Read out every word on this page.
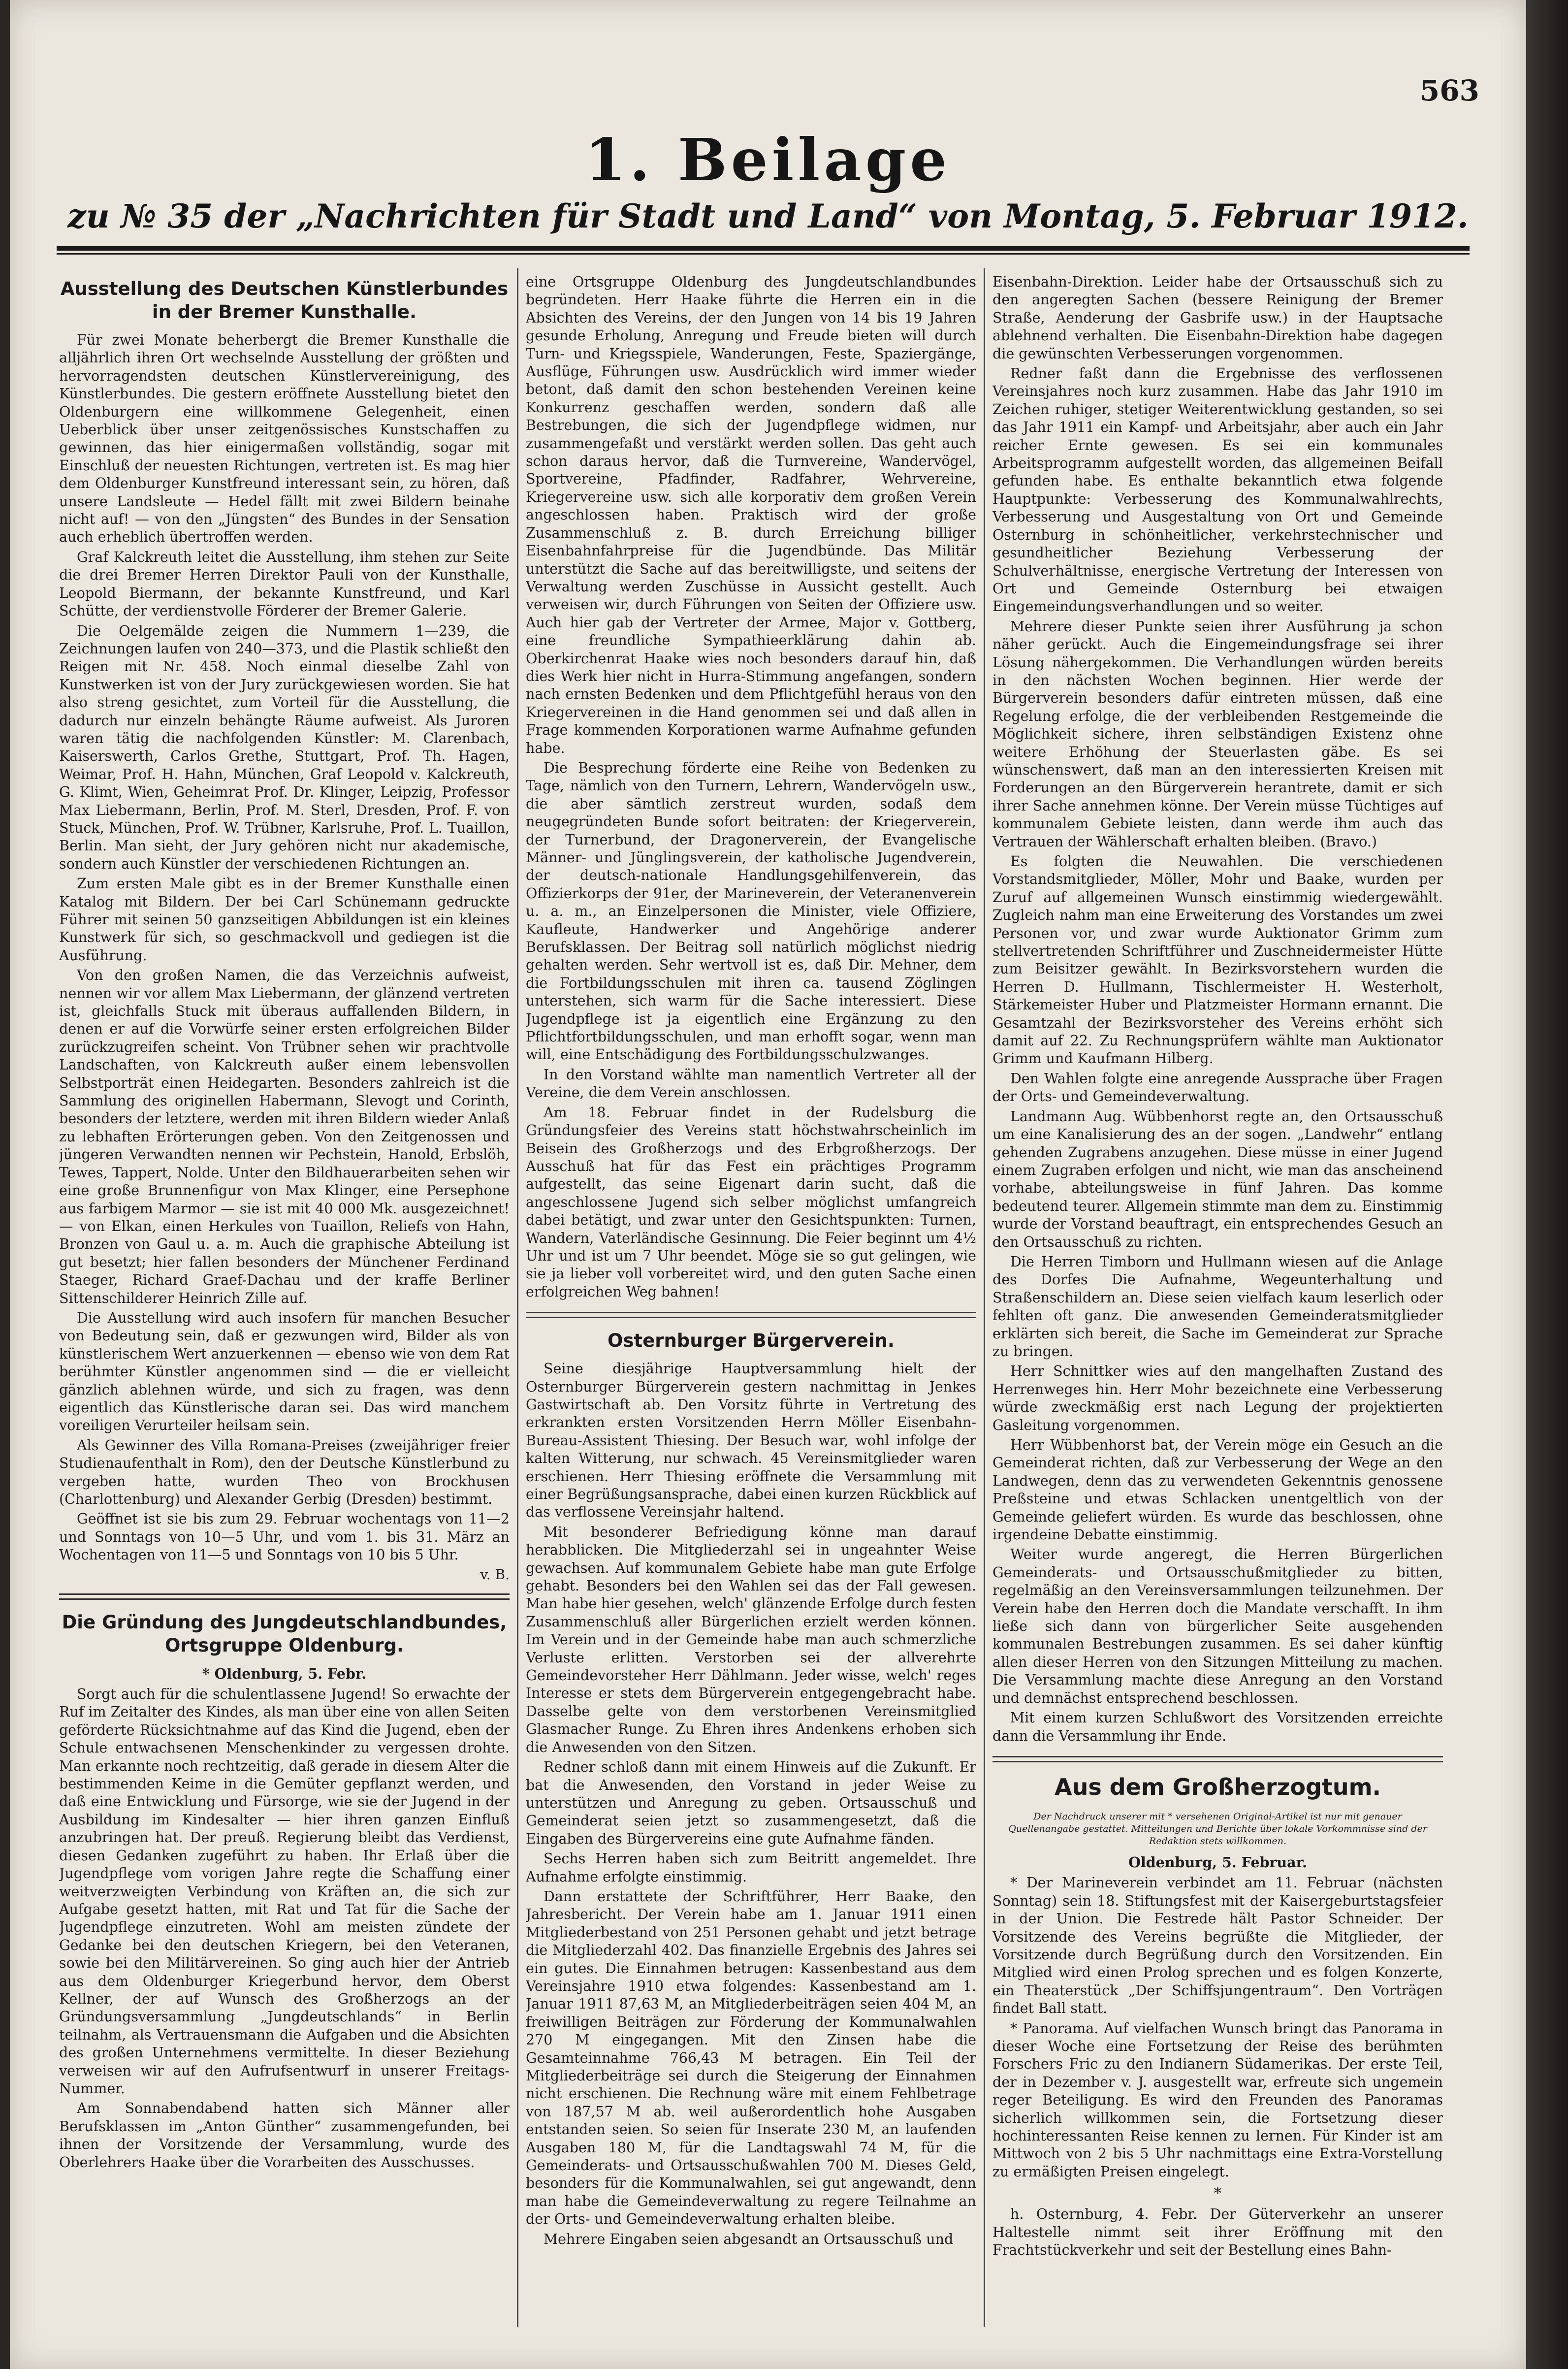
563
1. Beilage
zu № 35 der „Nachrichten für Stadt und Land“ von Montag, 5. Februar 1912.
Ausstellung des Deutschen Künstlerbundes in der Bremer Kunsthalle.

Für zwei Monate beherbergt die Bremer Kunsthalle die alljährlich ihren Ort wechselnde Ausstellung der größten und hervorragendsten deutschen Künstlervereinigung, des Künstlerbundes. Die gestern eröffnete Ausstellung bietet den Oldenburgern eine willkommene Gelegenheit, einen Ueberblick über unser zeitgenössisches Kunstschaffen zu gewinnen, das hier einigermaßen vollständig, sogar mit Einschluß der neuesten Richtungen, vertreten ist. Es mag hier dem Oldenburger Kunstfreund interessant sein, zu hören, daß unsere Landsleute — Hedel fällt mit zwei Bildern beinahe nicht auf! — von den „Jüngsten“ des Bundes in der Sensation auch erheblich übertroffen werden.

Graf Kalckreuth leitet die Ausstellung, ihm stehen zur Seite die drei Bremer Herren Direktor Pauli von der Kunsthalle, Leopold Biermann, der bekannte Kunstfreund, und Karl Schütte, der verdienstvolle Förderer der Bremer Galerie.

Die Oelgemälde zeigen die Nummern 1—239, die Zeichnungen laufen von 240—373, und die Plastik schließt den Reigen mit Nr. 458. Noch einmal dieselbe Zahl von Kunstwerken ist von der Jury zurückgewiesen worden. Sie hat also streng gesichtet, zum Vorteil für die Ausstellung, die dadurch nur einzeln behängte Räume aufweist. Als Juroren waren tätig die nachfolgenden Künstler: M. Clarenbach, Kaiserswerth, Carlos Grethe, Stuttgart, Prof. Th. Hagen, Weimar, Prof. H. Hahn, München, Graf Leopold v. Kalckreuth, G. Klimt, Wien, Geheimrat Prof. Dr. Klinger, Leipzig, Professor Max Liebermann, Berlin, Prof. M. Sterl, Dresden, Prof. F. von Stuck, München, Prof. W. Trübner, Karlsruhe, Prof. L. Tuaillon, Berlin. Man sieht, der Jury gehören nicht nur akademische, sondern auch Künstler der verschiedenen Richtungen an.

Zum ersten Male gibt es in der Bremer Kunsthalle einen Katalog mit Bildern. Der bei Carl Schünemann gedruckte Führer mit seinen 50 ganzseitigen Abbildungen ist ein kleines Kunstwerk für sich, so geschmackvoll und gediegen ist die Ausführung.

Von den großen Namen, die das Verzeichnis aufweist, nennen wir vor allem Max Liebermann, der glänzend vertreten ist, gleichfalls Stuck mit überaus auffallenden Bildern, in denen er auf die Vorwürfe seiner ersten erfolgreichen Bilder zurückzugreifen scheint. Von Trübner sehen wir prachtvolle Landschaften, von Kalckreuth außer einem lebensvollen Selbstporträt einen Heidegarten. Besonders zahlreich ist die Sammlung des originellen Habermann, Slevogt und Corinth, besonders der letztere, werden mit ihren Bildern wieder Anlaß zu lebhaften Erörterungen geben. Von den Zeitgenossen und jüngeren Verwandten nennen wir Pechstein, Hanold, Erbslöh, Tewes, Tappert, Nolde. Unter den Bildhauerarbeiten sehen wir eine große Brunnenfigur von Max Klinger, eine Persephone aus farbigem Marmor — sie ist mit 40 000 Mk. ausgezeichnet! — von Elkan, einen Herkules von Tuaillon, Reliefs von Hahn, Bronzen von Gaul u. a. m. Auch die graphische Abteilung ist gut besetzt; hier fallen besonders der Münchener Ferdinand Staeger, Richard Graef-Dachau und der kraffe Berliner Sittenschilderer Heinrich Zille auf.

Die Ausstellung wird auch insofern für manchen Besucher von Bedeutung sein, daß er gezwungen wird, Bilder als von künstlerischem Wert anzuerkennen — ebenso wie von dem Rat berühmter Künstler angenommen sind — die er vielleicht gänzlich ablehnen würde, und sich zu fragen, was denn eigentlich das Künstlerische daran sei. Das wird manchem voreiligen Verurteiler heilsam sein.

Als Gewinner des Villa Romana-Preises (zweijähriger freier Studienaufenthalt in Rom), den der Deutsche Künstlerbund zu vergeben hatte, wurden Theo von Brockhusen (Charlottenburg) und Alexander Gerbig (Dresden) bestimmt.

Geöffnet ist sie bis zum 29. Februar wochentags von 11—2 und Sonntags von 10—5 Uhr, und vom 1. bis 31. März an Wochentagen von 11—5 und Sonntags von 10 bis 5 Uhr.

v. B.
Die Gründung des Jungdeutschlandbundes, Ortsgruppe Oldenburg.
* Oldenburg, 5. Febr.

Sorgt auch für die schulentlassene Jugend! So erwachte der Ruf im Zeitalter des Kindes, als man über eine von allen Seiten geförderte Rücksichtnahme auf das Kind die Jugend, eben der Schule entwachsenen Menschenkinder zu vergessen drohte. Man erkannte noch rechtzeitig, daß gerade in diesem Alter die bestimmenden Keime in die Gemüter gepflanzt werden, und daß eine Entwicklung und Fürsorge, wie sie der Jugend in der Ausbildung im Kindesalter — hier ihren ganzen Einfluß anzubringen hat. Der preuß. Regierung bleibt das Verdienst, diesen Gedanken zugeführt zu haben. Ihr Erlaß über die Jugendpflege vom vorigen Jahre regte die Schaffung einer weitverzweigten Verbindung von Kräften an, die sich zur Aufgabe gesetzt hatten, mit Rat und Tat für die Sache der Jugendpflege einzutreten. Wohl am meisten zündete der Gedanke bei den deutschen Kriegern, bei den Veteranen, sowie bei den Militärvereinen. So ging auch hier der Antrieb aus dem Oldenburger Kriegerbund hervor, dem Oberst Kellner, der auf Wunsch des Großherzogs an der Gründungsversammlung „Jungdeutschlands“ in Berlin teilnahm, als Vertrauensmann die Aufgaben und die Absichten des großen Unternehmens vermittelte. In dieser Beziehung verweisen wir auf den Aufrufsentwurf in unserer Freitags-Nummer.

Am Sonnabendabend hatten sich Männer aller Berufsklassen im „Anton Günther“ zusammengefunden, bei ihnen der Vorsitzende der Versammlung, wurde des Oberlehrers Haake über die Vorarbeiten des Ausschusses.

eine Ortsgruppe Oldenburg des Jungdeutschlandbundes begründeten. Herr Haake führte die Herren ein in die Absichten des Vereins, der den Jungen von 14 bis 19 Jahren gesunde Erholung, Anregung und Freude bieten will durch Turn- und Kriegsspiele, Wanderungen, Feste, Spaziergänge, Ausflüge, Führungen usw. Ausdrücklich wird immer wieder betont, daß damit den schon bestehenden Vereinen keine Konkurrenz geschaffen werden, sondern daß alle Bestrebungen, die sich der Jugendpflege widmen, nur zusammengefaßt und verstärkt werden sollen. Das geht auch schon daraus hervor, daß die Turnvereine, Wandervögel, Sportvereine, Pfadfinder, Radfahrer, Wehrvereine, Kriegervereine usw. sich alle korporativ dem großen Verein angeschlossen haben. Praktisch wird der große Zusammenschluß z. B. durch Erreichung billiger Eisenbahnfahrpreise für die Jugendbünde. Das Militär unterstützt die Sache auf das bereitwilligste, und seitens der Verwaltung werden Zuschüsse in Aussicht gestellt. Auch verweisen wir, durch Führungen von Seiten der Offiziere usw. Auch hier gab der Vertreter der Armee, Major v. Gottberg, eine freundliche Sympathieerklärung dahin ab. Oberkirchenrat Haake wies noch besonders darauf hin, daß dies Werk hier nicht in Hurra-Stimmung angefangen, sondern nach ernsten Bedenken und dem Pflichtgefühl heraus von den Kriegervereinen in die Hand genommen sei und daß allen in Frage kommenden Korporationen warme Aufnahme gefunden habe.

Die Besprechung förderte eine Reihe von Bedenken zu Tage, nämlich von den Turnern, Lehrern, Wandervögeln usw., die aber sämtlich zerstreut wurden, sodaß dem neugegründeten Bunde sofort beitraten: der Kriegerverein, der Turnerbund, der Dragonerverein, der Evangelische Männer- und Jünglingsverein, der katholische Jugendverein, der deutsch-nationale Handlungsgehilfenverein, das Offizierkorps der 91er, der Marineverein, der Veteranenverein u. a. m., an Einzelpersonen die Minister, viele Offiziere, Kaufleute, Handwerker und Angehörige anderer Berufsklassen. Der Beitrag soll natürlich möglichst niedrig gehalten werden. Sehr wertvoll ist es, daß Dir. Mehner, dem die Fortbildungsschulen mit ihren ca. tausend Zöglingen unterstehen, sich warm für die Sache interessiert. Diese Jugendpflege ist ja eigentlich eine Ergänzung zu den Pflichtfortbildungsschulen, und man erhofft sogar, wenn man will, eine Entschädigung des Fortbildungsschulzwanges.

In den Vorstand wählte man namentlich Vertreter all der Vereine, die dem Verein anschlossen.

Am 18. Februar findet in der Rudelsburg die Gründungsfeier des Vereins statt höchstwahrscheinlich im Beisein des Großherzogs und des Erbgroßherzogs. Der Ausschuß hat für das Fest ein prächtiges Programm aufgestellt, das seine Eigenart darin sucht, daß die angeschlossene Jugend sich selber möglichst umfangreich dabei betätigt, und zwar unter den Gesichtspunkten: Turnen, Wandern, Vaterländische Gesinnung. Die Feier beginnt um 4½ Uhr und ist um 7 Uhr beendet. Möge sie so gut gelingen, wie sie ja lieber voll vorbereitet wird, und den guten Sache einen erfolgreichen Weg bahnen!

Osternburger Bürgerverein.

Seine diesjährige Hauptversammlung hielt der Osternburger Bürgerverein gestern nachmittag in Jenkes Gastwirtschaft ab. Den Vorsitz führte in Vertretung des erkrankten ersten Vorsitzenden Herrn Möller Eisenbahn-Bureau-Assistent Thiesing. Der Besuch war, wohl infolge der kalten Witterung, nur schwach. 45 Vereinsmitglieder waren erschienen. Herr Thiesing eröffnete die Versammlung mit einer Begrüßungsansprache, dabei einen kurzen Rückblick auf das verflossene Vereinsjahr haltend.

Mit besonderer Befriedigung könne man darauf herabblicken. Die Mitgliederzahl sei in ungeahnter Weise gewachsen. Auf kommunalem Gebiete habe man gute Erfolge gehabt. Besonders bei den Wahlen sei das der Fall gewesen. Man habe hier gesehen, welch' glänzende Erfolge durch festen Zusammenschluß aller Bürgerlichen erzielt werden können. Im Verein und in der Gemeinde habe man auch schmerzliche Verluste erlitten. Verstorben sei der allverehrte Gemeindevorsteher Herr Dählmann. Jeder wisse, welch' reges Interesse er stets dem Bürgerverein entgegengebracht habe. Dasselbe gelte von dem verstorbenen Vereinsmitglied Glasmacher Runge. Zu Ehren ihres Andenkens erhoben sich die Anwesenden von den Sitzen.

Redner schloß dann mit einem Hinweis auf die Zukunft. Er bat die Anwesenden, den Vorstand in jeder Weise zu unterstützen und Anregung zu geben. Ortsausschuß und Gemeinderat seien jetzt so zusammengesetzt, daß die Eingaben des Bürgervereins eine gute Aufnahme fänden.

Sechs Herren haben sich zum Beitritt angemeldet. Ihre Aufnahme erfolgte einstimmig.

Dann erstattete der Schriftführer, Herr Baake, den Jahresbericht. Der Verein habe am 1. Januar 1911 einen Mitgliederbestand von 251 Personen gehabt und jetzt betrage die Mitgliederzahl 402. Das finanzielle Ergebnis des Jahres sei ein gutes. Die Einnahmen betrugen: Kassenbestand aus dem Vereinsjahre 1910 etwa folgendes: Kassenbestand am 1. Januar 1911 87,63 M, an Mitgliederbeiträgen seien 404 M, an freiwilligen Beiträgen zur Förderung der Kommunalwahlen 270 M eingegangen. Mit den Zinsen habe die Gesamteinnahme 766,43 M betragen. Ein Teil der Mitgliederbeiträge sei durch die Steigerung der Einnahmen nicht erschienen. Die Rechnung wäre mit einem Fehlbetrage von 187,57 M ab. weil außerordentlich hohe Ausgaben entstanden seien. So seien für Inserate 230 M, an laufenden Ausgaben 180 M, für die Landtagswahl 74 M, für die Gemeinderats- und Ortsausschußwahlen 700 M. Dieses Geld, besonders für die Kommunalwahlen, sei gut angewandt, denn man habe die Gemeindeverwaltung zu regere Teilnahme an der Orts- und Gemeindeverwaltung erhalten bleibe.

Mehrere Eingaben seien abgesandt an Ortsausschuß und

Eisenbahn-Direktion. Leider habe der Ortsausschuß sich zu den angeregten Sachen (bessere Reinigung der Bremer Straße, Aenderung der Gasbrife usw.) in der Hauptsache ablehnend verhalten. Die Eisenbahn-Direktion habe dagegen die gewünschten Verbesserungen vorgenommen.

Redner faßt dann die Ergebnisse des verflossenen Vereinsjahres noch kurz zusammen. Habe das Jahr 1910 im Zeichen ruhiger, stetiger Weiterentwicklung gestanden, so sei das Jahr 1911 ein Kampf- und Arbeitsjahr, aber auch ein Jahr reicher Ernte gewesen. Es sei ein kommunales Arbeitsprogramm aufgestellt worden, das allgemeinen Beifall gefunden habe. Es enthalte bekanntlich etwa folgende Hauptpunkte: Verbesserung des Kommunalwahlrechts, Verbesserung und Ausgestaltung von Ort und Gemeinde Osternburg in schönheitlicher, verkehrstechnischer und gesundheitlicher Beziehung Verbesserung der Schulverhältnisse, energische Vertretung der Interessen von Ort und Gemeinde Osternburg bei etwaigen Eingemeindungsverhandlungen und so weiter.

Mehrere dieser Punkte seien ihrer Ausführung ja schon näher gerückt. Auch die Eingemeindungsfrage sei ihrer Lösung nähergekommen. Die Verhandlungen würden bereits in den nächsten Wochen beginnen. Hier werde der Bürgerverein besonders dafür eintreten müssen, daß eine Regelung erfolge, die der verbleibenden Restgemeinde die Möglichkeit sichere, ihren selbständigen Existenz ohne weitere Erhöhung der Steuerlasten gäbe. Es sei wünschenswert, daß man an den interessierten Kreisen mit Forderungen an den Bürgerverein herantrete, damit er sich ihrer Sache annehmen könne. Der Verein müsse Tüchtiges auf kommunalem Gebiete leisten, dann werde ihm auch das Vertrauen der Wählerschaft erhalten bleiben. (Bravo.)

Es folgten die Neuwahlen. Die verschiedenen Vorstandsmitglieder, Möller, Mohr und Baake, wurden per Zuruf auf allgemeinen Wunsch einstimmig wiedergewählt. Zugleich nahm man eine Erweiterung des Vorstandes um zwei Personen vor, und zwar wurde Auktionator Grimm zum stellvertretenden Schriftführer und Zuschneidermeister Hütte zum Beisitzer gewählt. In Bezirksvorstehern wurden die Herren D. Hullmann, Tischlermeister H. Westerholt, Stärkemeister Huber und Platzmeister Hormann ernannt. Die Gesamtzahl der Bezirksvorsteher des Vereins erhöht sich damit auf 22. Zu Rechnungsprüfern wählte man Auktionator Grimm und Kaufmann Hilberg.

Den Wahlen folgte eine anregende Aussprache über Fragen der Orts- und Gemeindeverwaltung.

Landmann Aug. Wübbenhorst regte an, den Ortsausschuß um eine Kanalisierung des an der sogen. „Landwehr“ entlang gehenden Zugrabens anzugehen. Diese müsse in einer Jugend einem Zugraben erfolgen und nicht, wie man das anscheinend vorhabe, abteilungsweise in fünf Jahren. Das komme bedeutend teurer. Allgemein stimmte man dem zu. Einstimmig wurde der Vorstand beauftragt, ein entsprechendes Gesuch an den Ortsausschuß zu richten.

Die Herren Timborn und Hullmann wiesen auf die Anlage des Dorfes Die Aufnahme, Wegeunterhaltung und Straßenschildern an. Diese seien vielfach kaum leserlich oder fehlten oft ganz. Die anwesenden Gemeinderatsmitglieder erklärten sich bereit, die Sache im Gemeinderat zur Sprache zu bringen.

Herr Schnittker wies auf den mangelhaften Zustand des Herrenweges hin. Herr Mohr bezeichnete eine Verbesserung würde zweckmäßig erst nach Legung der projektierten Gasleitung vorgenommen.

Herr Wübbenhorst bat, der Verein möge ein Gesuch an die Gemeinderat richten, daß zur Verbesserung der Wege an den Landwegen, denn das zu verwendeten Gekenntnis genossene Preßsteine und etwas Schlacken unentgeltlich von der Gemeinde geliefert würden. Es wurde das beschlossen, ohne irgendeine Debatte einstimmig.

Weiter wurde angeregt, die Herren Bürgerlichen Gemeinderats- und Ortsausschußmitglieder zu bitten, regelmäßig an den Vereinsversammlungen teilzunehmen. Der Verein habe den Herren doch die Mandate verschafft. In ihm ließe sich dann von bürgerlicher Seite ausgehenden kommunalen Bestrebungen zusammen. Es sei daher künftig allen dieser Herren von den Sitzungen Mitteilung zu machen. Die Versammlung machte diese Anregung an den Vorstand und demnächst entsprechend beschlossen.

Mit einem kurzen Schlußwort des Vorsitzenden erreichte dann die Versammlung ihr Ende.

Aus dem Großherzogtum.
Der Nachdruck unserer mit * versehenen Original-Artikel ist nur mit genauer Quellenangabe gestattet. Mitteilungen und Berichte über lokale Vorkommnisse sind der Redaktion stets willkommen.
Oldenburg, 5. Februar.

* Der Marineverein verbindet am 11. Februar (nächsten Sonntag) sein 18. Stiftungsfest mit der Kaisergeburtstagsfeier in der Union. Die Festrede hält Pastor Schneider. Der Vorsitzende des Vereins begrüßte die Mitglieder, der Vorsitzende durch Begrüßung durch den Vorsitzenden. Ein Mitglied wird einen Prolog sprechen und es folgen Konzerte, ein Theaterstück „Der Schiffsjungentraum“. Den Vorträgen findet Ball statt.

* Panorama. Auf vielfachen Wunsch bringt das Panorama in dieser Woche eine Fortsetzung der Reise des berühmten Forschers Fric zu den Indianern Südamerikas. Der erste Teil, der in Dezember v. J. ausgestellt war, erfreute sich ungemein reger Beteiligung. Es wird den Freunden des Panoramas sicherlich willkommen sein, die Fortsetzung dieser hochinteressanten Reise kennen zu lernen. Für Kinder ist am Mittwoch von 2 bis 5 Uhr nachmittags eine Extra-Vorstellung zu ermäßigten Preisen eingelegt.

*

h. Osternburg, 4. Febr. Der Güterverkehr an unserer Haltestelle nimmt seit ihrer Eröffnung mit den Frachtstückverkehr und seit der Bestellung eines Bahn-
